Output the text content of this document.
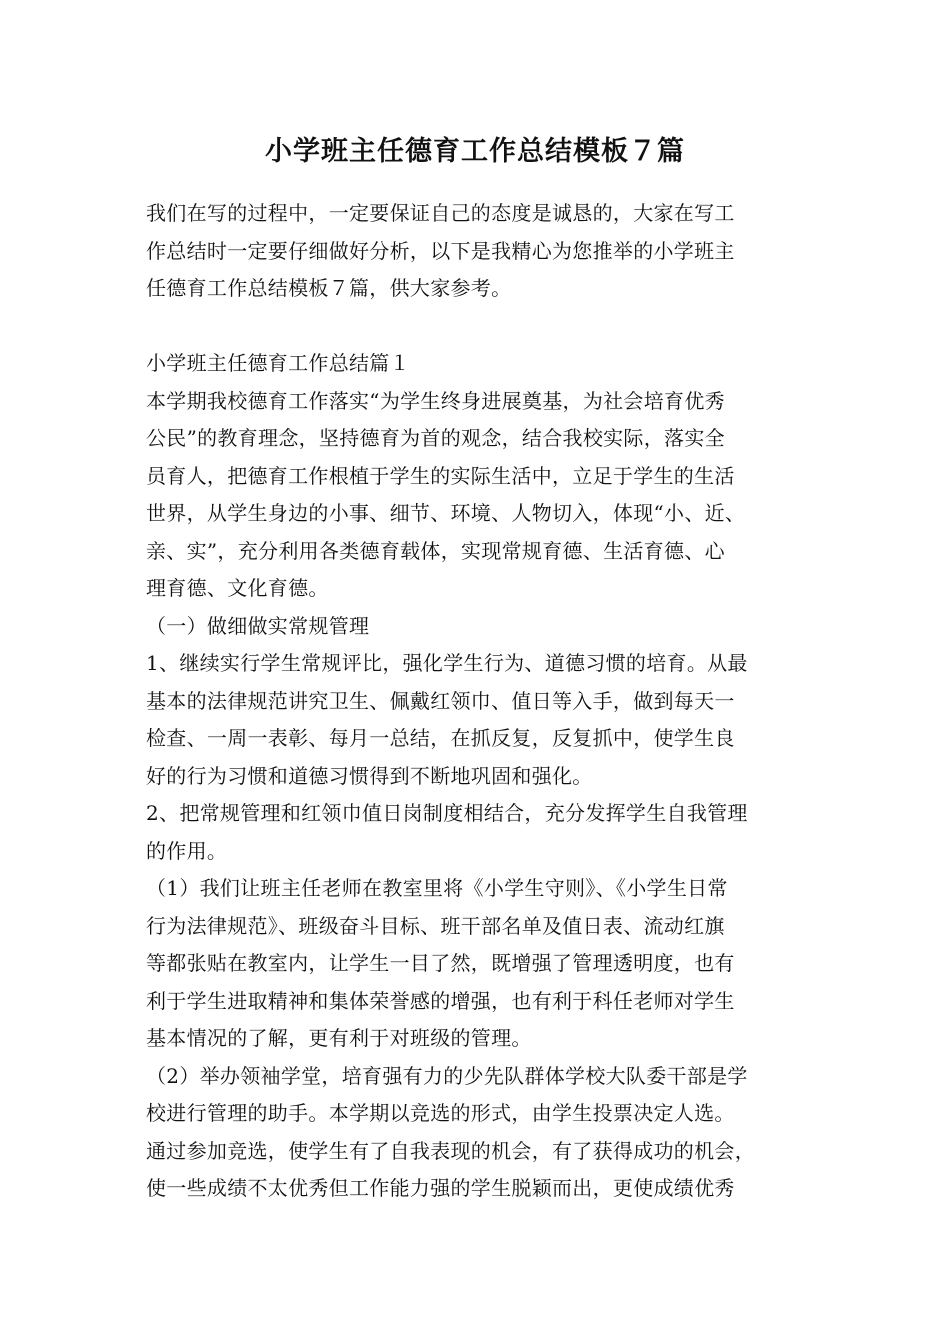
小学班主任德育工作总结模板７篇
我们在写的过程中，一定要保证自己的态度是诚恳的，大家在写工
作总结时一定要仔细做好分析，以下是我精心为您推举的小学班主
任德育工作总结模板７篇，供大家参考。
小学班主任德育工作总结篇１
本学期我校德育工作落实“为学生终身进展奠基，为社会培育优秀
公民”的教育理念，坚持德育为首的观念，结合我校实际，落实全
员育人，把德育工作根植于学生的实际生活中，立足于学生的生活
世界，从学生身边的小事、细节、环境、人物切入，体现“小、近、
亲、实”，充分利用各类德育载体，实现常规育德、生活育德、心
理育德、文化育德。
（一）做细做实常规管理
1、继续实行学生常规评比，强化学生行为、道德习惯的培育。从最
基本的法律规范讲究卫生、佩戴红领巾、值日等入手，做到每天一
检查、一周一表彰、每月一总结，在抓反复，反复抓中，使学生良
好的行为习惯和道德习惯得到不断地巩固和强化。
2、把常规管理和红领巾值日岗制度相结合，充分发挥学生自我管理
的作用。
（1）我们让班主任老师在教室里将《小学生守则》、《小学生日常
行为法律规范》、班级奋斗目标、班干部名单及值日表、流动红旗
等都张贴在教室内，让学生一目了然，既增强了管理透明度，也有
利于学生进取精神和集体荣誉感的增强，也有利于科任老师对学生
基本情况的了解，更有利于对班级的管理。
（2）举办领袖学堂，培育强有力的少先队群体学校大队委干部是学
校进行管理的助手。本学期以竞选的形式，由学生投票决定人选。
通过参加竞选，使学生有了自我表现的机会，有了获得成功的机会，
使一些成绩不太优秀但工作能力强的学生脱颖而出，更使成绩优秀
